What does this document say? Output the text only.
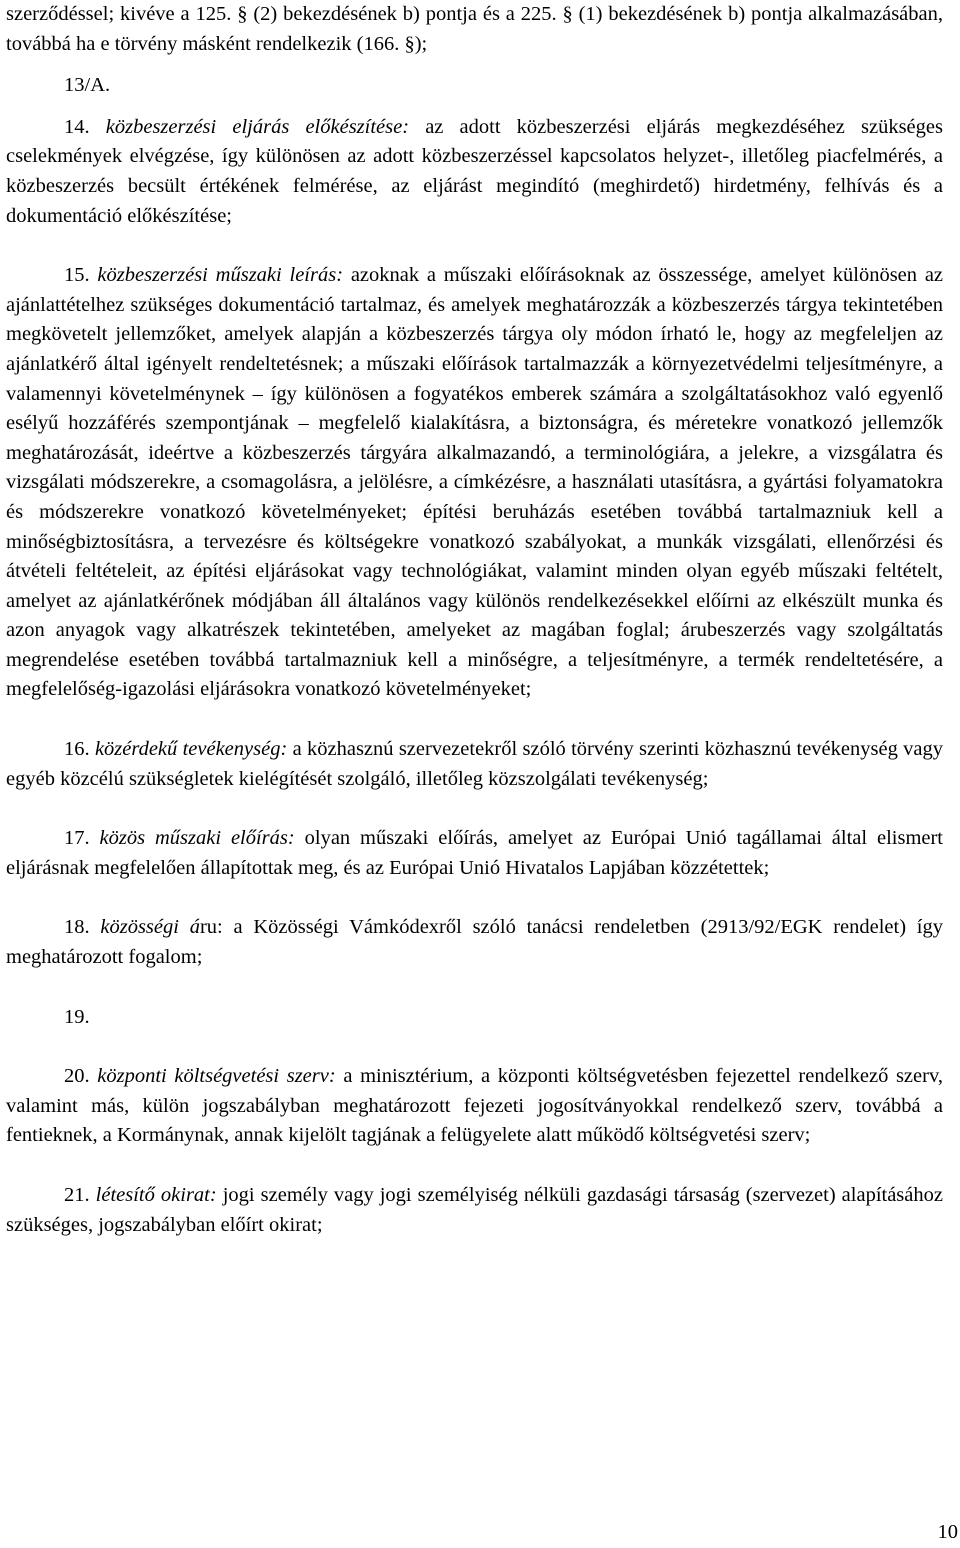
szerződéssel; kivéve a 125. § (2) bekezdésének b) pontja és a 225. § (1) bekezdésének b) pontja alkalmazásában, továbbá ha e törvény másként rendelkezik (166. §);

13/A.

14. közbeszerzési eljárás előkészítése: az adott közbeszerzési eljárás megkezdéséhez szükséges cselekmények elvégzése, így különösen az adott közbeszerzéssel kapcsolatos helyzet-, illetőleg piacfelmérés, a közbeszerzés becsült értékének felmérése, az eljárást megindító (meghirdető) hirdetmény, felhívás és a dokumentáció előkészítése;

15. közbeszerzési műszaki leírás: azoknak a műszaki előírásoknak az összessége, amelyet különösen az ajánlattételhez szükséges dokumentáció tartalmaz, és amelyek meghatározzák a közbeszerzés tárgya tekintetében megkövetelt jellemzőket, amelyek alapján a közbeszerzés tárgya oly módon írható le, hogy az megfeleljen az ajánlatkérő által igényelt rendeltetésnek; a műszaki előírások tartalmazzák a környezetvédelmi teljesítményre, a valamennyi követelménynek – így különösen a fogyatékos emberek számára a szolgáltatásokhoz való egyenlő esélyű hozzáférés szempontjának – megfelelő kialakításra, a biztonságra, és méretekre vonatkozó jellemzők meghatározását, ideértve a közbeszerzés tárgyára alkalmazandó, a terminológiára, a jelekre, a vizsgálatra és vizsgálati módszerekre, a csomagolásra, a jelölésre, a címkézésre, a használati utasításra, a gyártási folyamatokra és módszerekre vonatkozó követelményeket; építési beruházás esetében továbbá tartalmazniuk kell a minőségbiztosításra, a tervezésre és költségekre vonatkozó szabályokat, a munkák vizsgálati, ellenőrzési és átvételi feltételeit, az építési eljárásokat vagy technológiákat, valamint minden olyan egyéb műszaki feltételt, amelyet az ajánlatkérőnek módjában áll általános vagy különös rendelkezésekkel előírni az elkészült munka és azon anyagok vagy alkatrészek tekintetében, amelyeket az magában foglal; árubeszerzés vagy szolgáltatás megrendelése esetében továbbá tartalmazniuk kell a minőségre, a teljesítményre, a termék rendeltetésére, a megfelelőség-igazolási eljárásokra vonatkozó követelményeket;

16. közérdekű tevékenység: a közhasznú szervezetekről szóló törvény szerinti közhasznú tevékenység vagy egyéb közcélú szükségletek kielégítését szolgáló, illetőleg közszolgálati tevékenység;

17. közös műszaki előírás: olyan műszaki előírás, amelyet az Európai Unió tagállamai által elismert eljárásnak megfelelően állapítottak meg, és az Európai Unió Hivatalos Lapjában közzétettek;

18. közösségi áru: a Közösségi Vámkódexről szóló tanácsi rendeletben (2913/92/EGK rendelet) így meghatározott fogalom;

19.

20. központi költségvetési szerv: a minisztérium, a központi költségvetésben fejezettel rendelkező szerv, valamint más, külön jogszabályban meghatározott fejezeti jogosítványokkal rendelkező szerv, továbbá a fentieknek, a Kormánynak, annak kijelölt tagjának a felügyelete alatt működő költségvetési szerv;

21. létesítő okirat: jogi személy vagy jogi személyiség nélküli gazdasági társaság (szervezet) alapításához szükséges, jogszabályban előírt okirat;

10
